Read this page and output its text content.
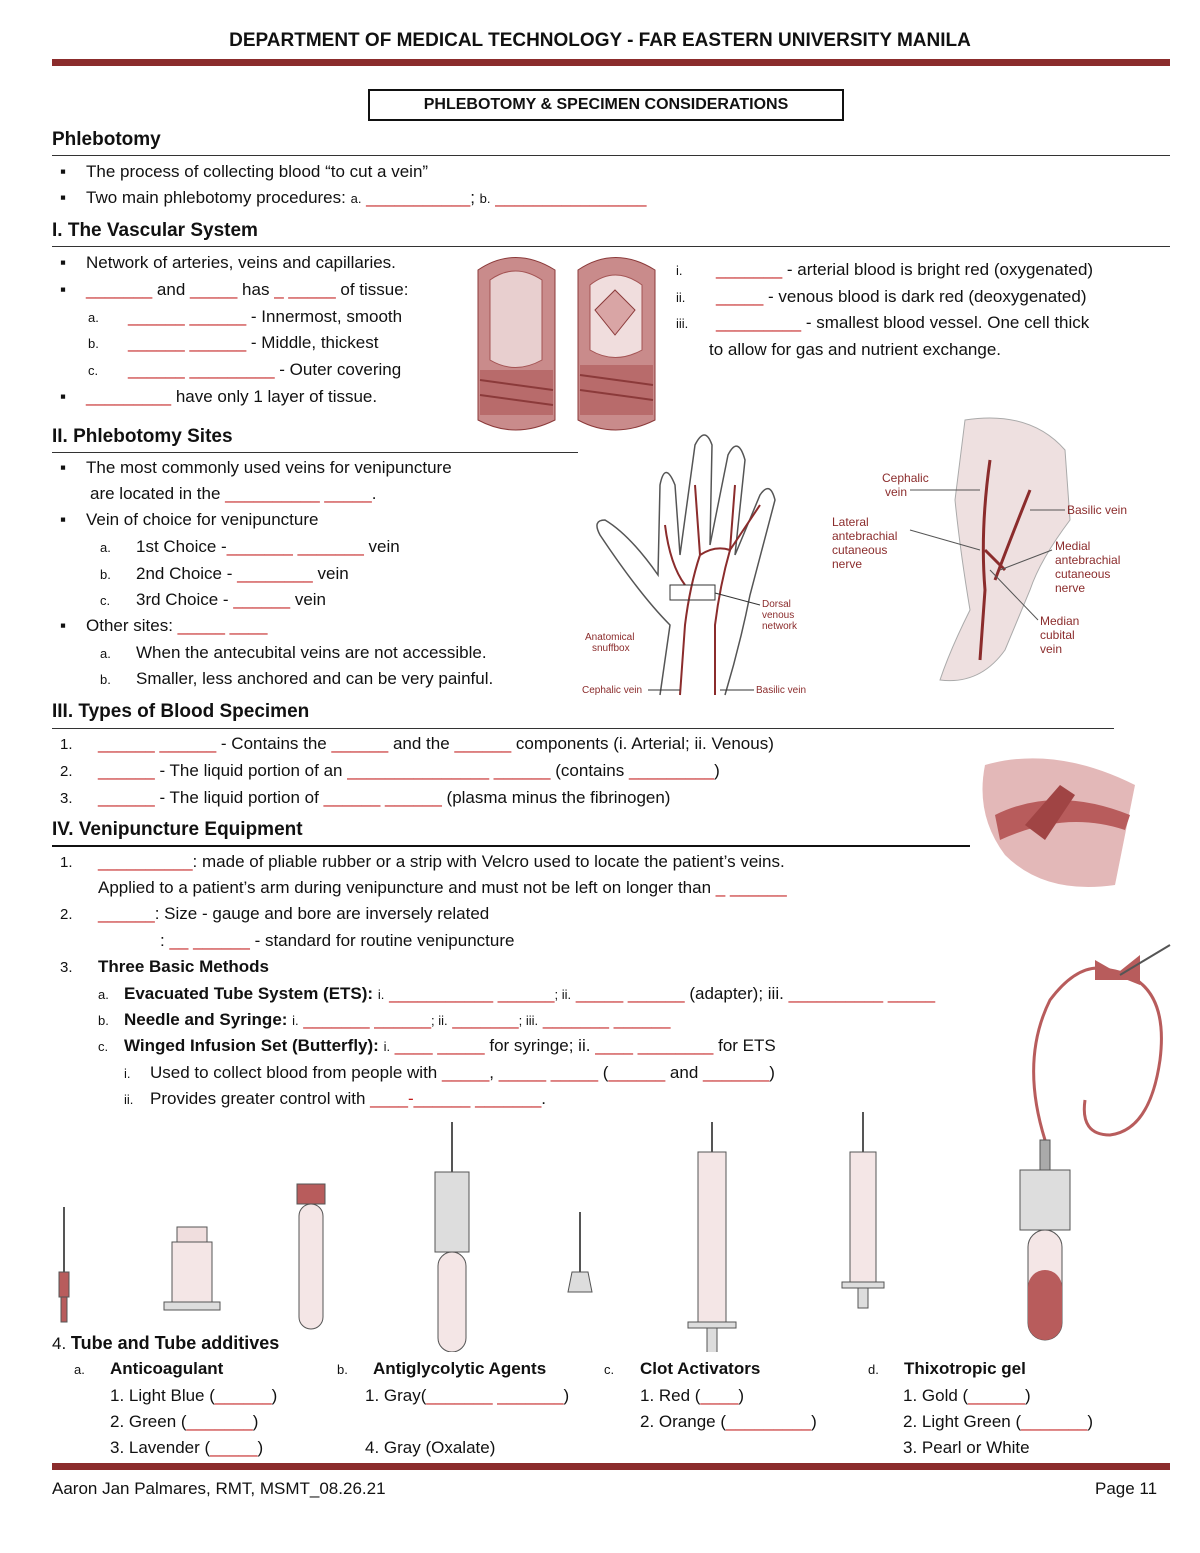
DEPARTMENT OF MEDICAL TECHNOLOGY - FAR EASTERN UNIVERSITY MANILA
PHLEBOTOMY & SPECIMEN CONSIDERATIONS
Phlebotomy
▪ The process of collecting blood “to cut a vein”
▪ Two main phlebotomy procedures: a. ___________; b. ________________
I. The Vascular System
▪ Network of arteries, veins and capillaries.
▪ _______ and _____ has _ _____ of tissue:
a. ______ ______ - Innermost, smooth
b. ______ ______ - Middle, thickest
c. ______ _________ - Outer covering
▪ _________ have only 1 layer of tissue.
i. _______ - arterial blood is bright red (oxygenated)
ii. _____ - venous blood is dark red (deoxygenated)
iii. _________ - smallest blood vessel. One cell thick
to allow for gas and nutrient exchange.
II. Phlebotomy Sites
▪ The most commonly used veins for venipuncture
are located in the __________ _____.
▪ Vein of choice for venipuncture
a. 1st Choice -_______ _______ vein
b. 2nd Choice - ________ vein
c. 3rd Choice - ______ vein
▪ Other sites: _____ ____
a. When the antecubital veins are not accessible.
b. Smaller, less anchored and can be very painful.
Dorsal venous network
Anatomical snuffbox
Cephalic vein	Basilic vein
Cephalic vein
Lateral antebrachial cutaneous nerve
Basilic vein
Medial antebrachial cutaneous nerve
Median cubital vein
III. Types of Blood Specimen
1. ______ ______ - Contains the ______ and the ______ components (i. Arterial; ii. Venous)
2. ______ - The liquid portion of an _______________ ______ (contains _________)
3. ______ - The liquid portion of ______ ______ (plasma minus the fibrinogen)
IV. Venipuncture Equipment
1. __________: made of pliable rubber or a strip with Velcro used to locate the patient’s veins.
Applied to a patient’s arm during venipuncture and must not be left on longer than _ ______
2. ______: Size - gauge and bore are inversely related
: __ ______ - standard for routine venipuncture
3. Three Basic Methods
a. Evacuated Tube System (ETS): i. ___________ ______; ii. _____ ______ (adapter); iii. __________ _____
b. Needle and Syringe: i. _______ ______; ii. _______; iii. _______ ______
c. Winged Infusion Set (Butterfly): i. ____ _____ for syringe; ii. ____ ________ for ETS
i. Used to collect blood from people with _____, _____ _____ (______ and _______)
ii. Provides greater control with ____-______ _______.
4. Tube and Tube additives
a. Anticoagulant
1. Light Blue (______)
2. Green (_______)
3. Lavender (_____)
b. Antiglycolytic Agents
1. Gray(_______ _______)
4. Gray (Oxalate)
c. Clot Activators
1. Red (____)
2. Orange (_________)
d. Thixotropic gel
1. Gold (______)
2. Light Green (_______)
3. Pearl or White
Aaron Jan Palmares, RMT, MSMT_08.26.21	Page 11
